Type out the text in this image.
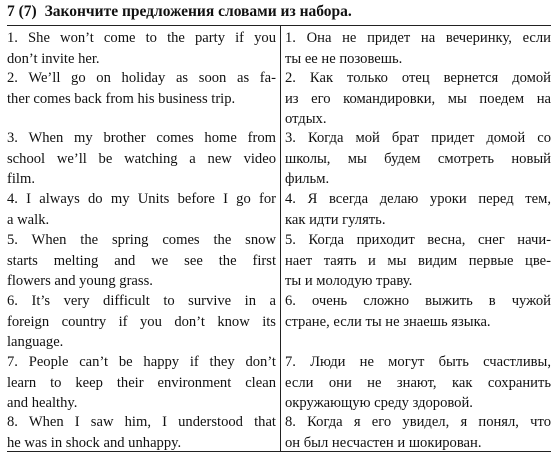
7 (7) Закончите предложения словами из набора.
1. She won’t come to the party if you
don’t invite her.
1. Она не придет на вечеринку, если
ты ее не позовешь.
2. We’ll go on holiday as soon as fa-
ther comes back from his business trip.
2. Как только отец вернется домой
из его командировки, мы поедем на
отдых.
3. When my brother comes home from
school we’ll be watching a new video
film.
3. Когда мой брат придет домой со
школы, мы будем смотреть новый
фильм.
4. I always do my Units before I go for
a walk.
4. Я всегда делаю уроки перед тем,
как идти гулять.
5. When the spring comes the snow
starts melting and we see the first
flowers and young grass.
5. Когда приходит весна, снег начи-
нает таять и мы видим первые цве-
ты и молодую траву.
6. It’s very difficult to survive in a
foreign country if you don’t know its
language.
6. очень сложно выжить в чужой
стране, если ты не знаешь языка.
7. People can’t be happy if they don’t
learn to keep their environment clean
and healthy.
7. Люди не могут быть счастливы,
если они не знают, как сохранить
окружающую среду здоровой.
8. When I saw him, I understood that
he was in shock and unhappy.
8. Когда я его увидел, я понял, что
он был несчастен и шокирован.
